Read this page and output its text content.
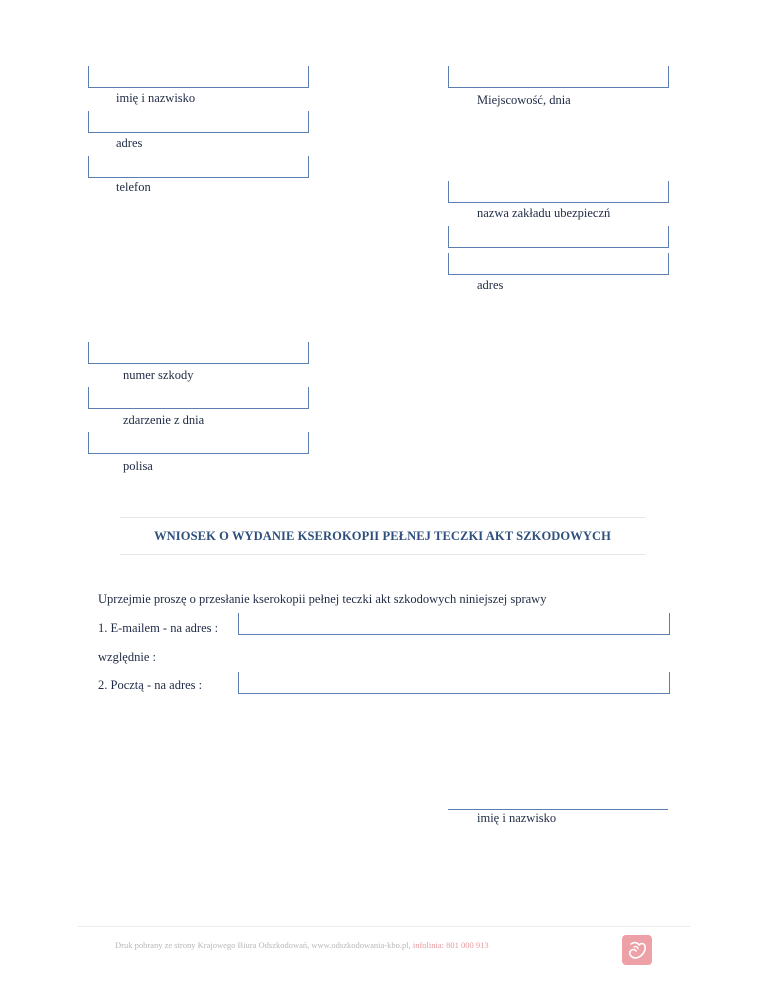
imię i nazwisko
adres
telefon
Miejscowość, dnia
nazwa zakładu ubezpieczń
adres
numer szkody
zdarzenie z dnia
polisa
WNIOSEK O WYDANIE KSEROKOPII PEŁNEJ TECZKI AKT SZKODOWYCH
Uprzejmie proszę o przesłanie kserokopii pełnej teczki akt szkodowych niniejszej sprawy
1. E-mailem - na adres :
względnie :
2. Pocztą - na adres :
imię i nazwisko
Druk pobrany ze strony Krajowego Biura Odszkodowań, www.odszkodowania-kbo.pl, infolinia: 801 000 913
